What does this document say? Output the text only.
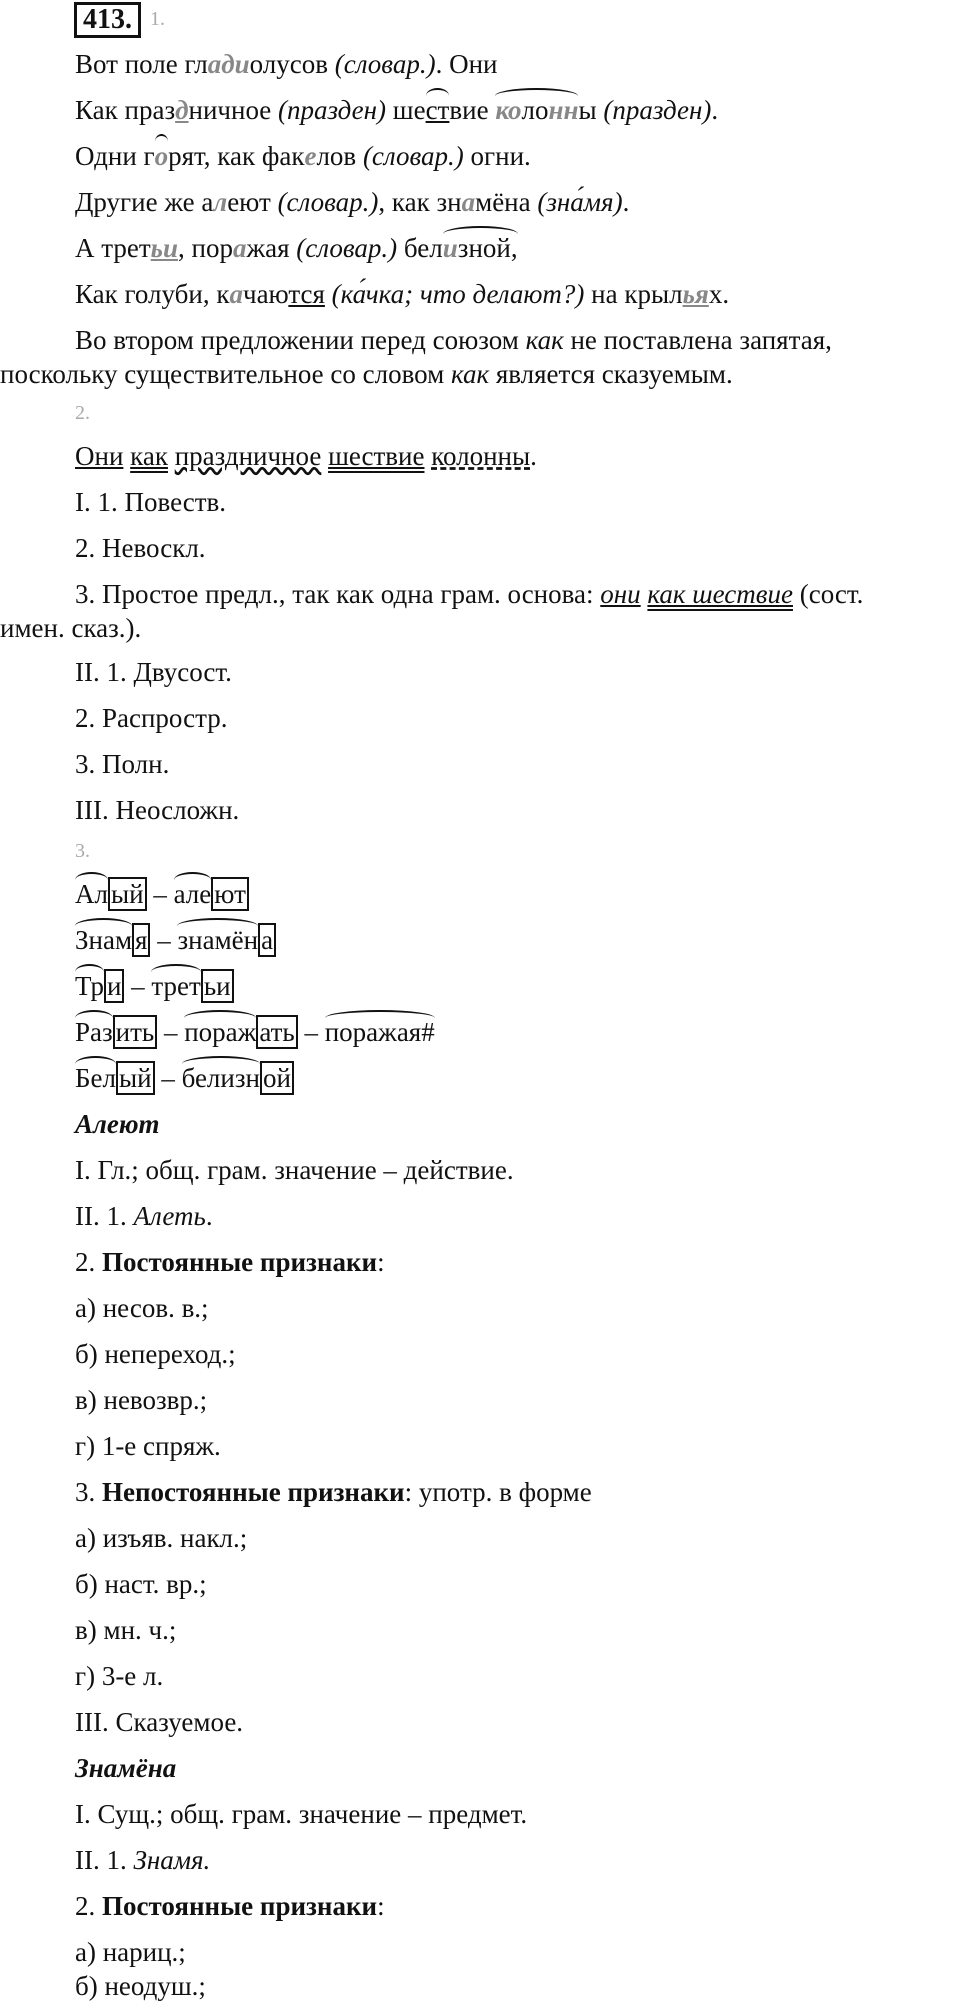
413. 1.
Вот поле гладиолусов (словар.). Они
Как праздничное (празден) шествие колонны (празден).
Одни горят, как факелов (словар.) огни.
Другие же алеют (словар.), как знамёна (зна́мя).
А третьи, поражая (словар.) белизной,
Как голуби, качаются (ка́чка; что делают?) на крыльях.
Во втором предложении перед союзом как не поставлена запятая,
поскольку существительное со словом как является сказуемым.
2.
Они как праздничное шествие колонны.
I. 1. Повеств.
2. Невоскл.
3. Простое предл., так как одна грам. основа: они как шествие (сост.
имен. сказ.).
II. 1. Двусост.
2. Распростр.
3. Полн.
III. Неосложн.
3.
Ал ый – але ют
Знам я – знамён а
Тр и – трет ьи
Раз ить – пораж ать – поражая#
Бел ый – белизн ой
Алеют
I. Гл.; общ. грам. значение – действие.
II. 1. Алеть.
2. Постоянные признаки:
а) несов. в.;
б) непереход.;
в) невозвр.;
г) 1-е спряж.
3. Непостоянные признаки: употр. в форме
а) изъяв. накл.;
б) наст. вр.;
в) мн. ч.;
г) 3-е л.
III. Сказуемое.
Знамёна
I. Сущ.; общ. грам. значение – предмет.
II. 1. Знамя.
2. Постоянные признаки:
а) нариц.;
б) неодуш.;
